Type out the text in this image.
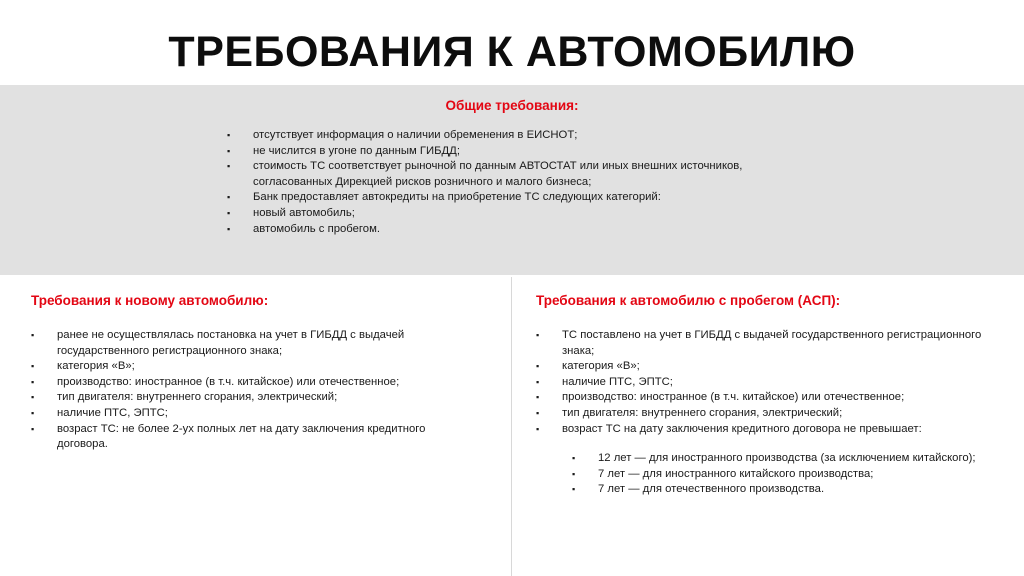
ТРЕБОВАНИЯ К АВТОМОБИЛЮ
Общие требования:
▪ отсутствует информация о наличии обременения в ЕИСНОТ;
▪ не числится в угоне по данным ГИБДД;
▪ стоимость ТС соответствует рыночной по данным АВТОСТАТ или иных внешних источников, согласованных Дирекцией рисков розничного и малого бизнеса;
▪ Банк предоставляет автокредиты на приобретение ТС следующих категорий:
▪ новый автомобиль;
▪ автомобиль с пробегом.
Требования к новому автомобилю:
▪ ранее не осуществлялась постановка на учет в ГИБДД с выдачей государственного регистрационного знака;
▪ категория «В»;
▪ производство: иностранное (в т.ч. китайское) или отечественное;
▪ тип двигателя: внутреннего сгорания, электрический;
▪ наличие ПТС, ЭПТС;
▪ возраст ТС: не более 2-ух полных лет на дату заключения кредитного договора.
Требования к автомобилю с пробегом (АСП):
▪ ТС поставлено на учет в ГИБДД с выдачей государственного регистрационного знака;
▪ категория «В»;
▪ наличие ПТС, ЭПТС;
▪ производство: иностранное (в т.ч. китайское) или отечественное;
▪ тип двигателя: внутреннего сгорания, электрический;
▪ возраст ТС на дату заключения кредитного договора не превышает:
▪ 12 лет — для иностранного производства (за исключением китайского);
▪ 7 лет — для иностранного китайского производства;
▪ 7 лет — для отечественного производства.
